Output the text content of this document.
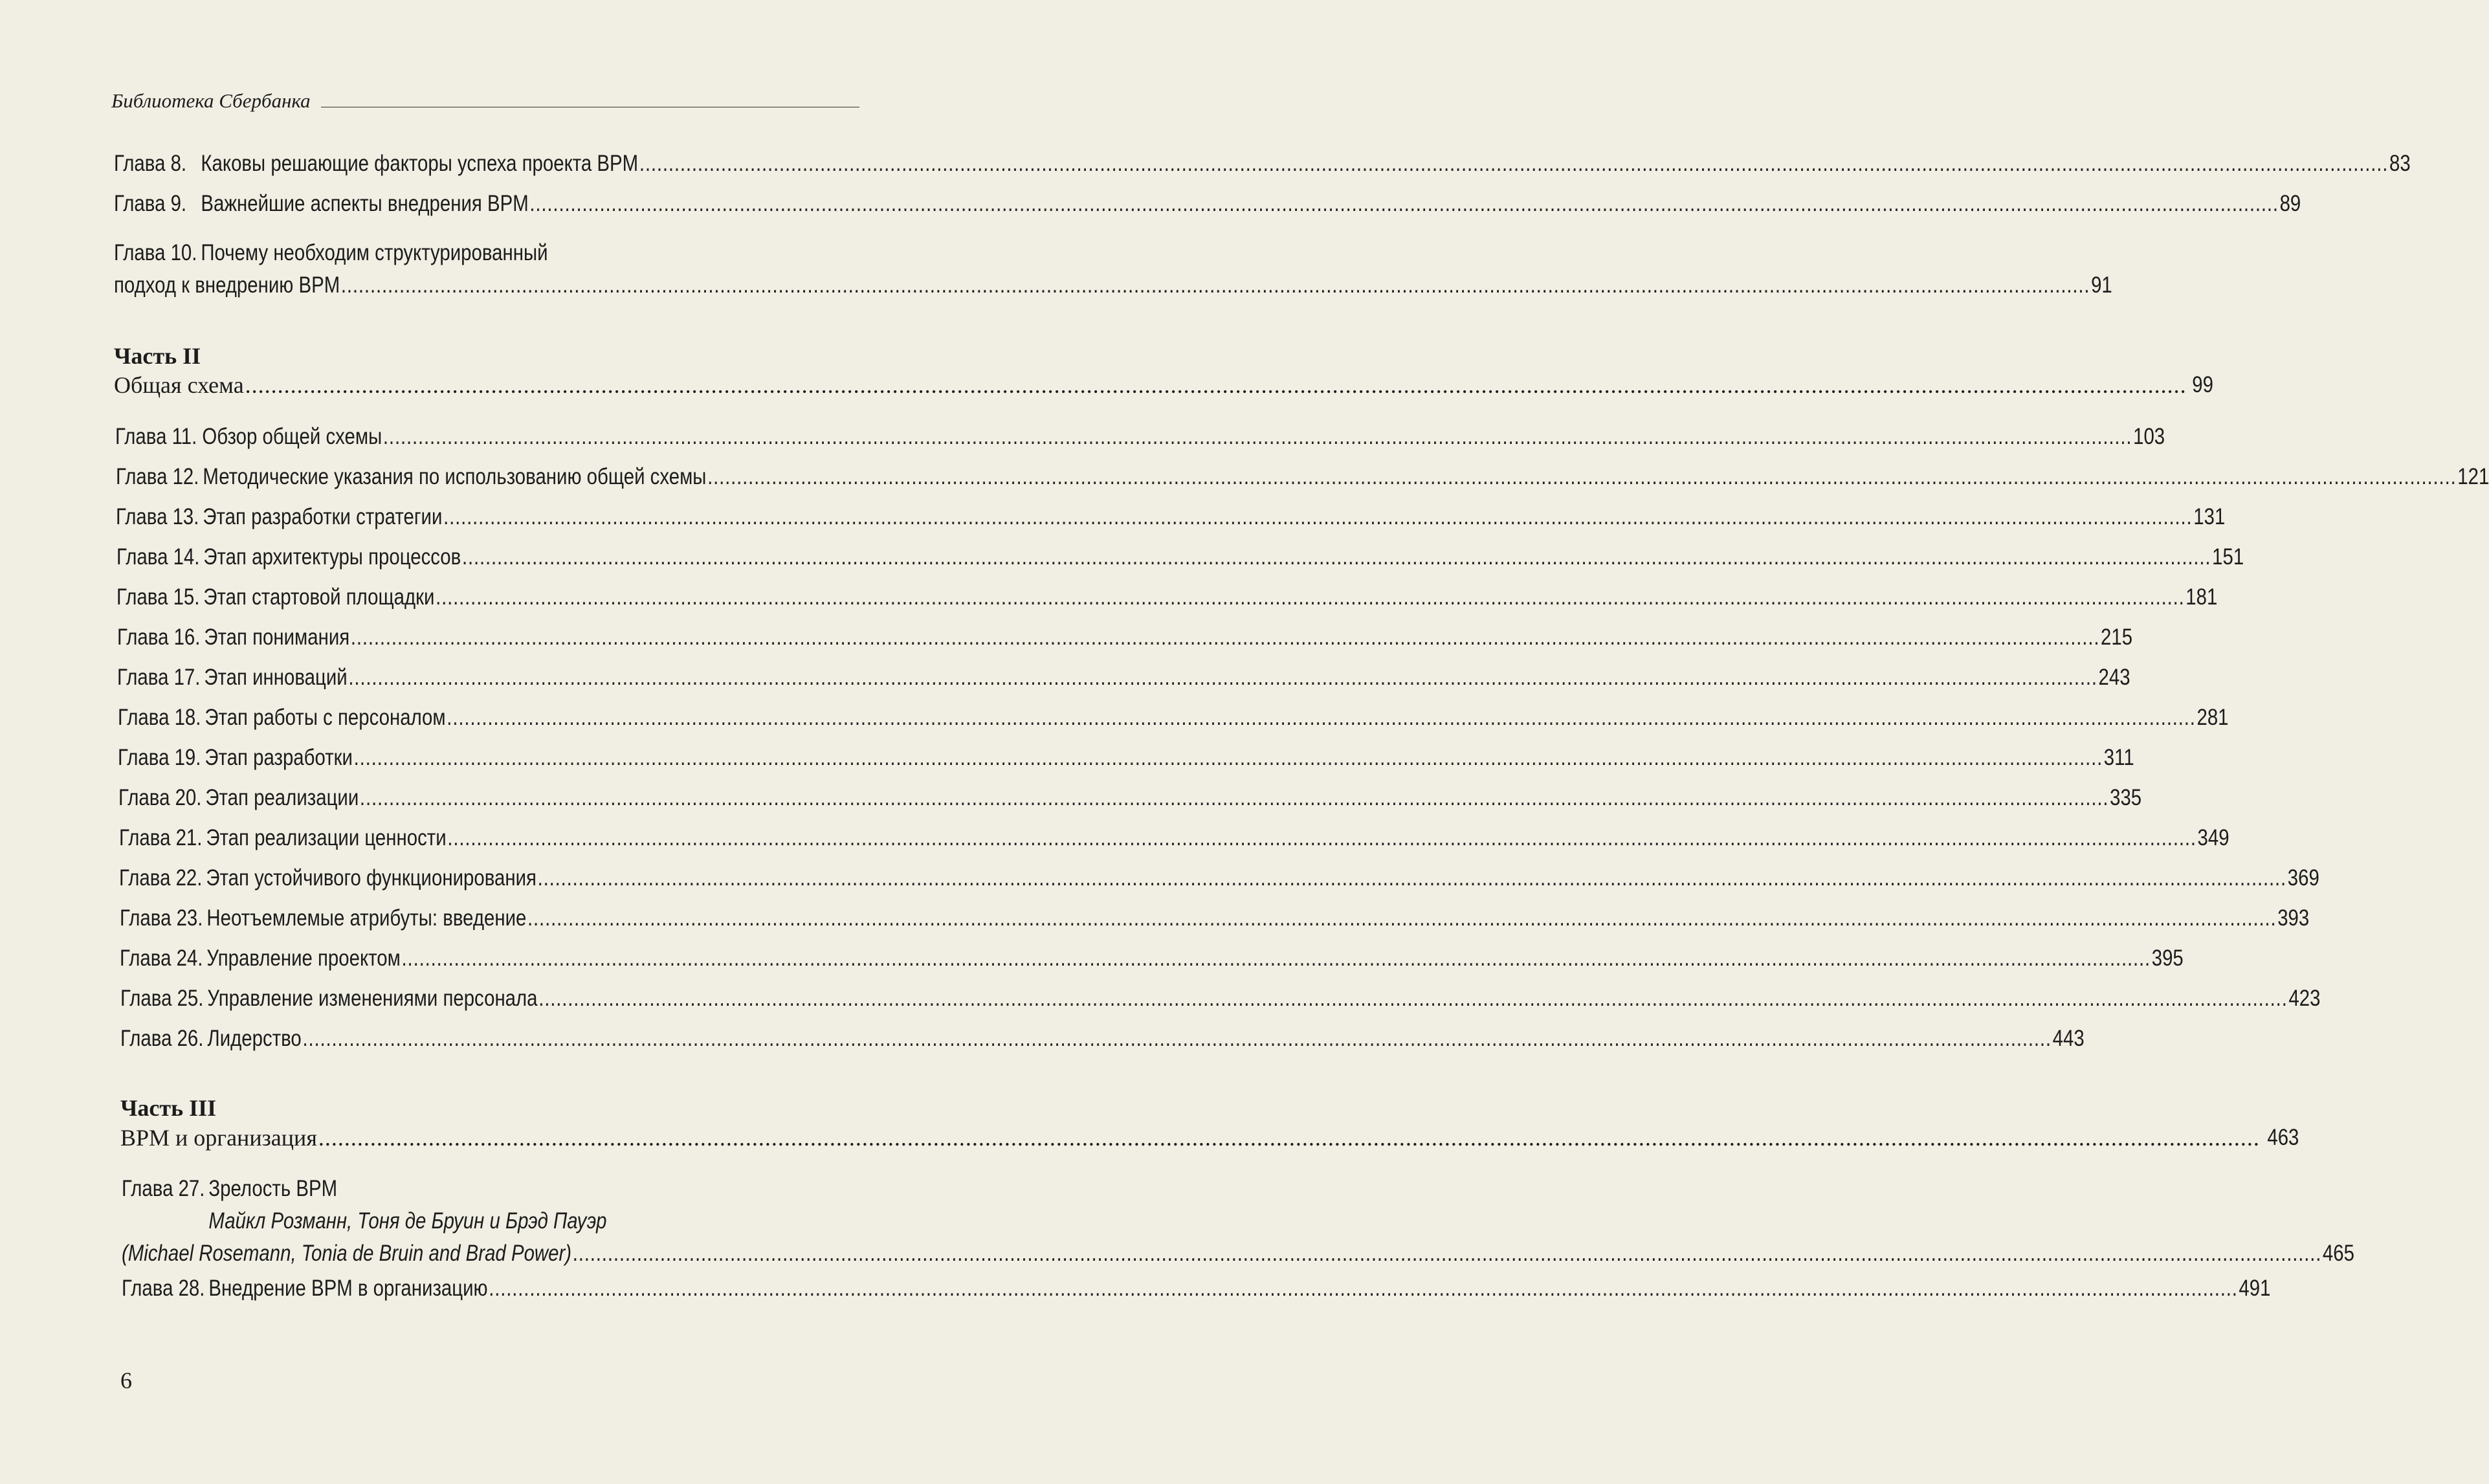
Библиотека Сбербанка
Глава 8. Каковы решающие факторы успеха проекта BPM ............................................................................................................................................................................................................................................................................................................ 83
Глава 9. Важнейшие аспекты внедрения BPM ............................................................................................................................................................................................................................................................................................................ 89
Глава 10. Почему необходим структурированный
подход к внедрению BPM ............................................................................................................................................................................................................................................................................................................ 91
Часть II
Общая схема ............................................................................................................................................................................................................................................................................................................ 99
Глава 11. Обзор общей схемы ............................................................................................................................................................................................................................................................................................................ 103
Глава 12. Методические указания по использованию общей схемы ............................................................................................................................................................................................................................................................................................................ 121
Глава 13. Этап разработки стратегии ............................................................................................................................................................................................................................................................................................................ 131
Глава 14. Этап архитектуры процессов ............................................................................................................................................................................................................................................................................................................ 151
Глава 15. Этап стартовой площадки ............................................................................................................................................................................................................................................................................................................ 181
Глава 16. Этап понимания ............................................................................................................................................................................................................................................................................................................ 215
Глава 17. Этап инноваций ............................................................................................................................................................................................................................................................................................................ 243
Глава 18. Этап работы с персоналом ............................................................................................................................................................................................................................................................................................................ 281
Глава 19. Этап разработки ............................................................................................................................................................................................................................................................................................................ 311
Глава 20. Этап реализации ............................................................................................................................................................................................................................................................................................................ 335
Глава 21. Этап реализации ценности ............................................................................................................................................................................................................................................................................................................ 349
Глава 22. Этап устойчивого функционирования ............................................................................................................................................................................................................................................................................................................ 369
Глава 23. Неотъемлемые атрибуты: введение ............................................................................................................................................................................................................................................................................................................ 393
Глава 24. Управление проектом ............................................................................................................................................................................................................................................................................................................ 395
Глава 25. Управление изменениями персонала ............................................................................................................................................................................................................................................................................................................ 423
Глава 26. Лидерство ............................................................................................................................................................................................................................................................................................................ 443
Часть III
BPM и организация ............................................................................................................................................................................................................................................................................................................ 463
Глава 27. Зрелость BPM
Майкл Розманн, Тоня де Бруин и Брэд Пауэр
(Michael Rosemann, Tonia de Bruin and Brad Power) ............................................................................................................................................................................................................................................................................................................ 465
Глава 28. Внедрение BPM в организацию ............................................................................................................................................................................................................................................................................................................ 491
6
